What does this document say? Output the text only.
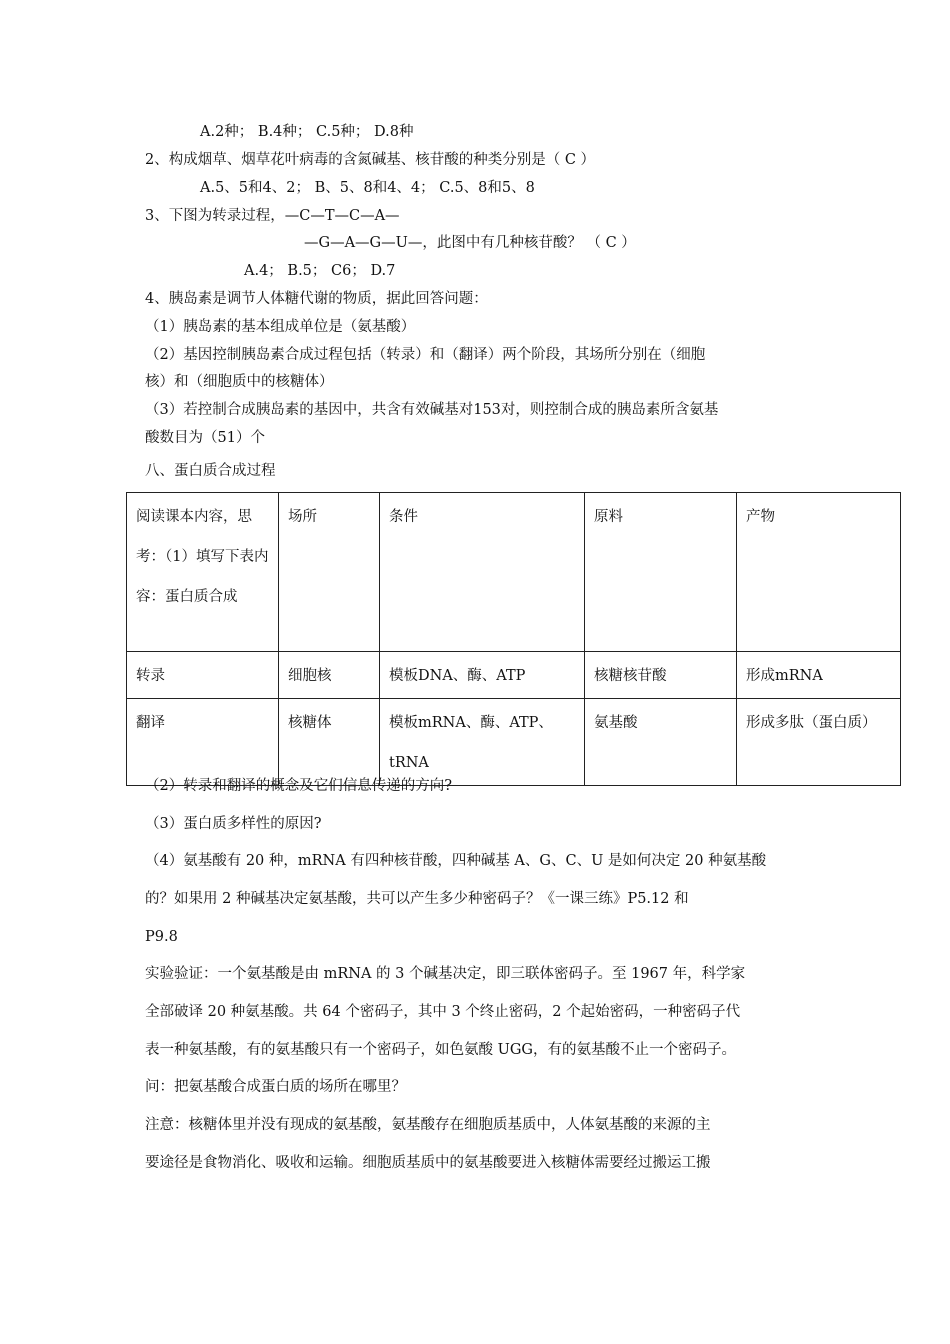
A.2种； B.4种； C.5种； D.8种
2、构成烟草、烟草花叶病毒的含氮碱基、核苷酸的种类分别是（ C ）
A.5、5和4、2； B、5、8和4、4； C.5、8和5、8
3、下图为转录过程，—C—T—C—A—
—G—A—G—U—，此图中有几种核苷酸？ （ C ）
A.4； B.5； C6； D.7
4、胰岛素是调节人体糖代谢的物质，据此回答问题：
（1）胰岛素的基本组成单位是（氨基酸）
（2）基因控制胰岛素合成过程包括（转录）和（翻译）两个阶段，其场所分别在（细胞
核）和（细胞质中的核糖体）
（3）若控制合成胰岛素的基因中，共含有效碱基对153对，则控制合成的胰岛素所含氨基
酸数目为（51）个
八、蛋白质合成过程
阅读课本内容，思考：（1）填写下表内容：蛋白质合成	场所	条件	原料	产物
转录	细胞核	模板DNA、酶、ATP	核糖核苷酸	形成mRNA
翻译	核糖体	模板mRNA、酶、ATP、tRNA	氨基酸	形成多肽（蛋白质）
（2）转录和翻译的概念及它们信息传递的方向?
（3）蛋白质多样性的原因?
（4）氨基酸有 20 种，mRNA 有四种核苷酸，四种碱基 A、G、C、U 是如何决定 20 种氨基酸
的？如果用 2 种碱基决定氨基酸，共可以产生多少种密码子？《一课三练》P5.12 和
P9.8
实验验证：一个氨基酸是由 mRNA 的 3 个碱基决定，即三联体密码子。至 1967 年，科学家
全部破译 20 种氨基酸。共 64 个密码子，其中 3 个终止密码，2 个起始密码，一种密码子代
表一种氨基酸，有的氨基酸只有一个密码子，如色氨酸 UGG，有的氨基酸不止一个密码子。
问：把氨基酸合成蛋白质的场所在哪里？
注意：核糖体里并没有现成的氨基酸，氨基酸存在细胞质基质中，人体氨基酸的来源的主
要途径是食物消化、吸收和运输。细胞质基质中的氨基酸要进入核糖体需要经过搬运工搬
